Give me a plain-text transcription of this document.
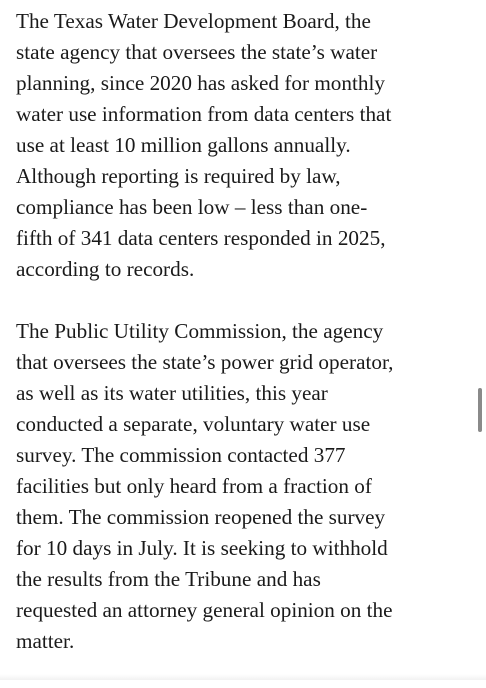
The Texas Water Development Board, the
state agency that oversees the state’s water
planning, since 2020 has asked for monthly
water use information from data centers that
use at least 10 million gallons annually.
Although reporting is required by law,
compliance has been low – less than one-
fifth of 341 data centers responded in 2025,
according to records.

The Public Utility Commission, the agency
that oversees the state’s power grid operator,
as well as its water utilities, this year
conducted a separate, voluntary water use
survey. The commission contacted 377
facilities but only heard from a fraction of
them. The commission reopened the survey
for 10 days in July. It is seeking to withhold
the results from the Tribune and has
requested an attorney general opinion on the
matter.
